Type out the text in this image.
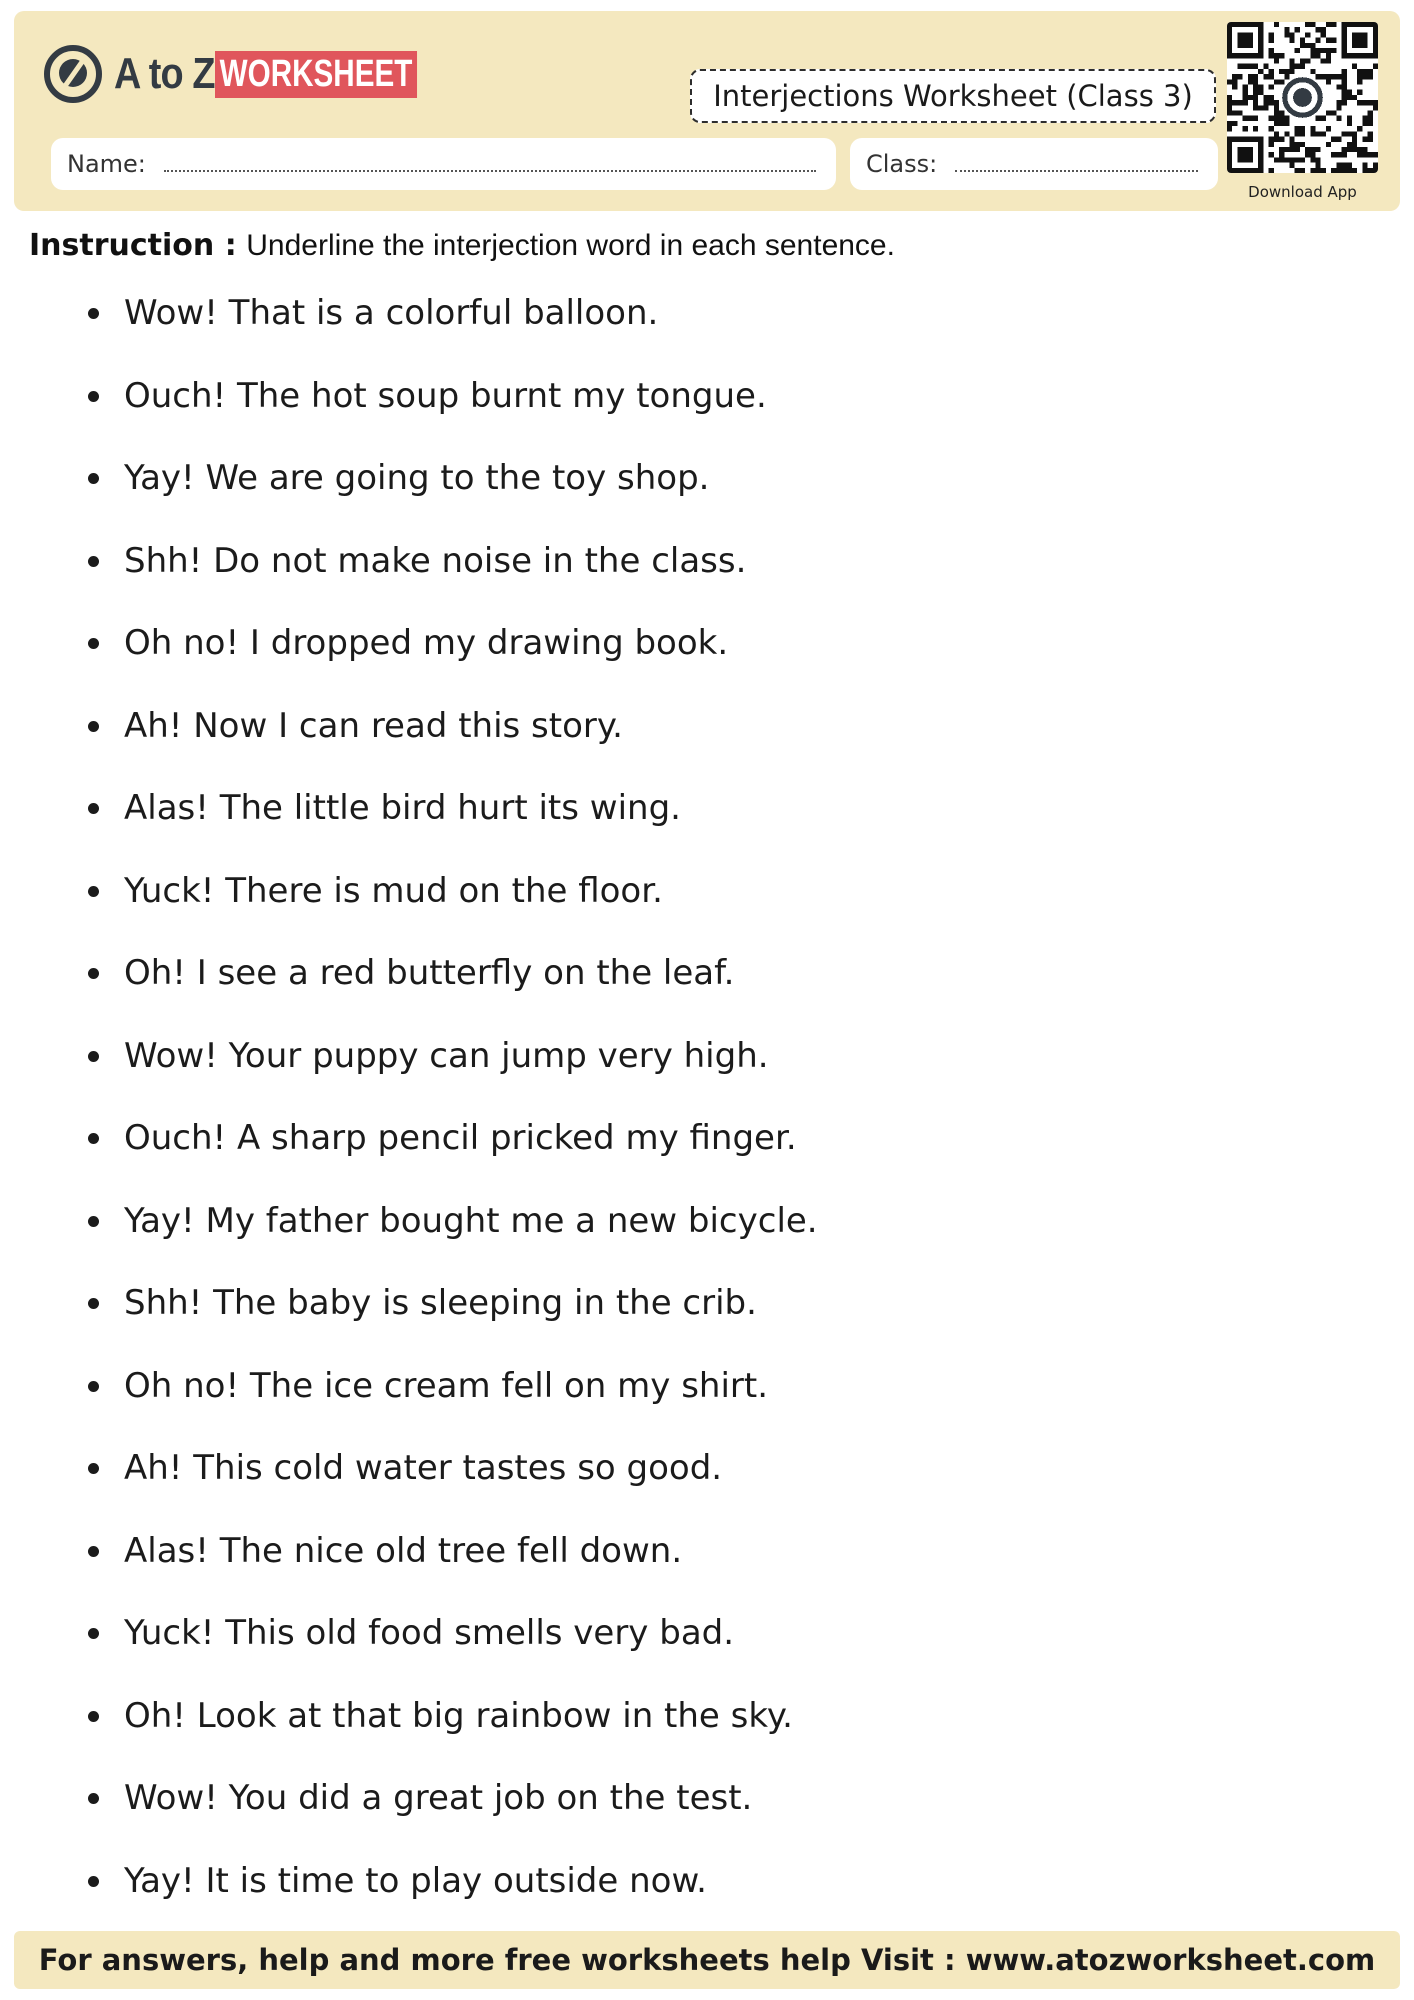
A to Z WORKSHEET
Interjections Worksheet (Class 3)
Name:	Class:
Download App
Instruction : Underline the interjection word in each sentence.
Wow! That is a colorful balloon.
Ouch! The hot soup burnt my tongue.
Yay! We are going to the toy shop.
Shh! Do not make noise in the class.
Oh no! I dropped my drawing book.
Ah! Now I can read this story.
Alas! The little bird hurt its wing.
Yuck! There is mud on the floor.
Oh! I see a red butterfly on the leaf.
Wow! Your puppy can jump very high.
Ouch! A sharp pencil pricked my finger.
Yay! My father bought me a new bicycle.
Shh! The baby is sleeping in the crib.
Oh no! The ice cream fell on my shirt.
Ah! This cold water tastes so good.
Alas! The nice old tree fell down.
Yuck! This old food smells very bad.
Oh! Look at that big rainbow in the sky.
Wow! You did a great job on the test.
Yay! It is time to play outside now.
For answers, help and more free worksheets help Visit : www.atozworksheet.com
